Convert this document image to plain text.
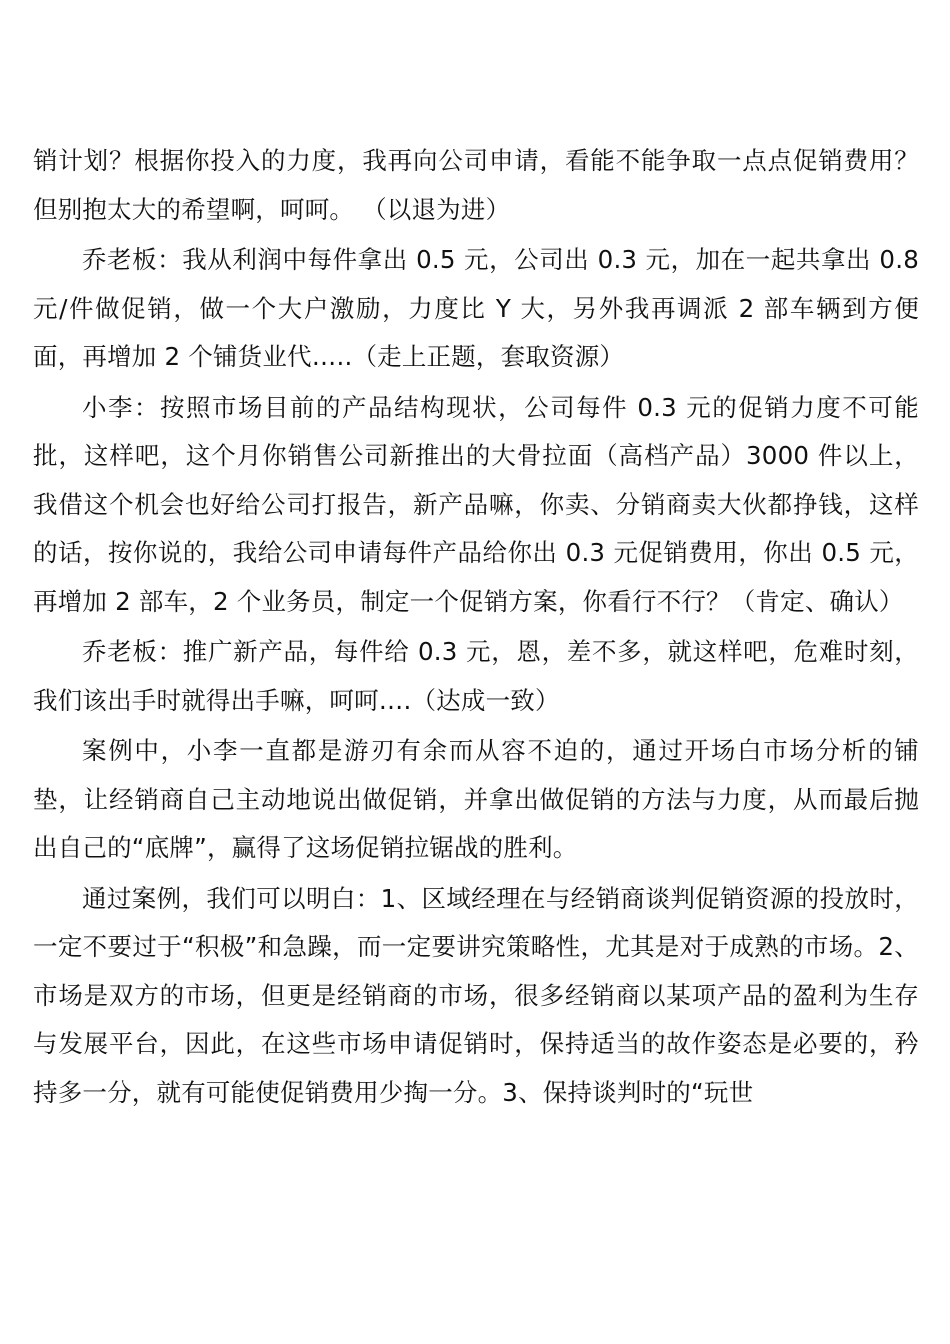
销计划？根据你投入的力度，我再向公司申请，看能不能争取一点点促销费用？但别抱太大的希望啊，呵呵。 （以退为进）

乔老板：我从利润中每件拿出 0.5 元，公司出 0.3 元，加在一起共拿出 0.8 元/件做促销，做一个大户激励，力度比 Y 大，另外我再调派 2 部车辆到方便面，再增加 2 个铺货业代…..（走上正题，套取资源）

小李：按照市场目前的产品结构现状，公司每件 0.3 元的促销力度不可能批，这样吧，这个月你销售公司新推出的大骨拉面（高档产品）3000 件以上，我借这个机会也好给公司打报告，新产品嘛，你卖、分销商卖大伙都挣钱，这样的话，按你说的，我给公司申请每件产品给你出 0.3 元促销费用，你出 0.5 元，再增加 2 部车，2 个业务员，制定一个促销方案，你看行不行？（肯定、确认）

乔老板：推广新产品，每件给 0.3 元，恩，差不多，就这样吧，危难时刻，我们该出手时就得出手嘛，呵呵….（达成一致）

案例中，小李一直都是游刃有余而从容不迫的，通过开场白市场分析的铺垫，让经销商自己主动地说出做促销，并拿出做促销的方法与力度，从而最后抛出自己的“底牌”，赢得了这场促销拉锯战的胜利。

通过案例，我们可以明白：1、区域经理在与经销商谈判促销资源的投放时，一定不要过于“积极”和急躁，而一定要讲究策略性，尤其是对于成熟的市场。2、市场是双方的市场，但更是经销商的市场，很多经销商以某项产品的盈利为生存与发展平台，因此，在这些市场申请促销时，保持适当的故作姿态是必要的，矜持多一分，就有可能使促销费用少掏一分。3、保持谈判时的“玩世
